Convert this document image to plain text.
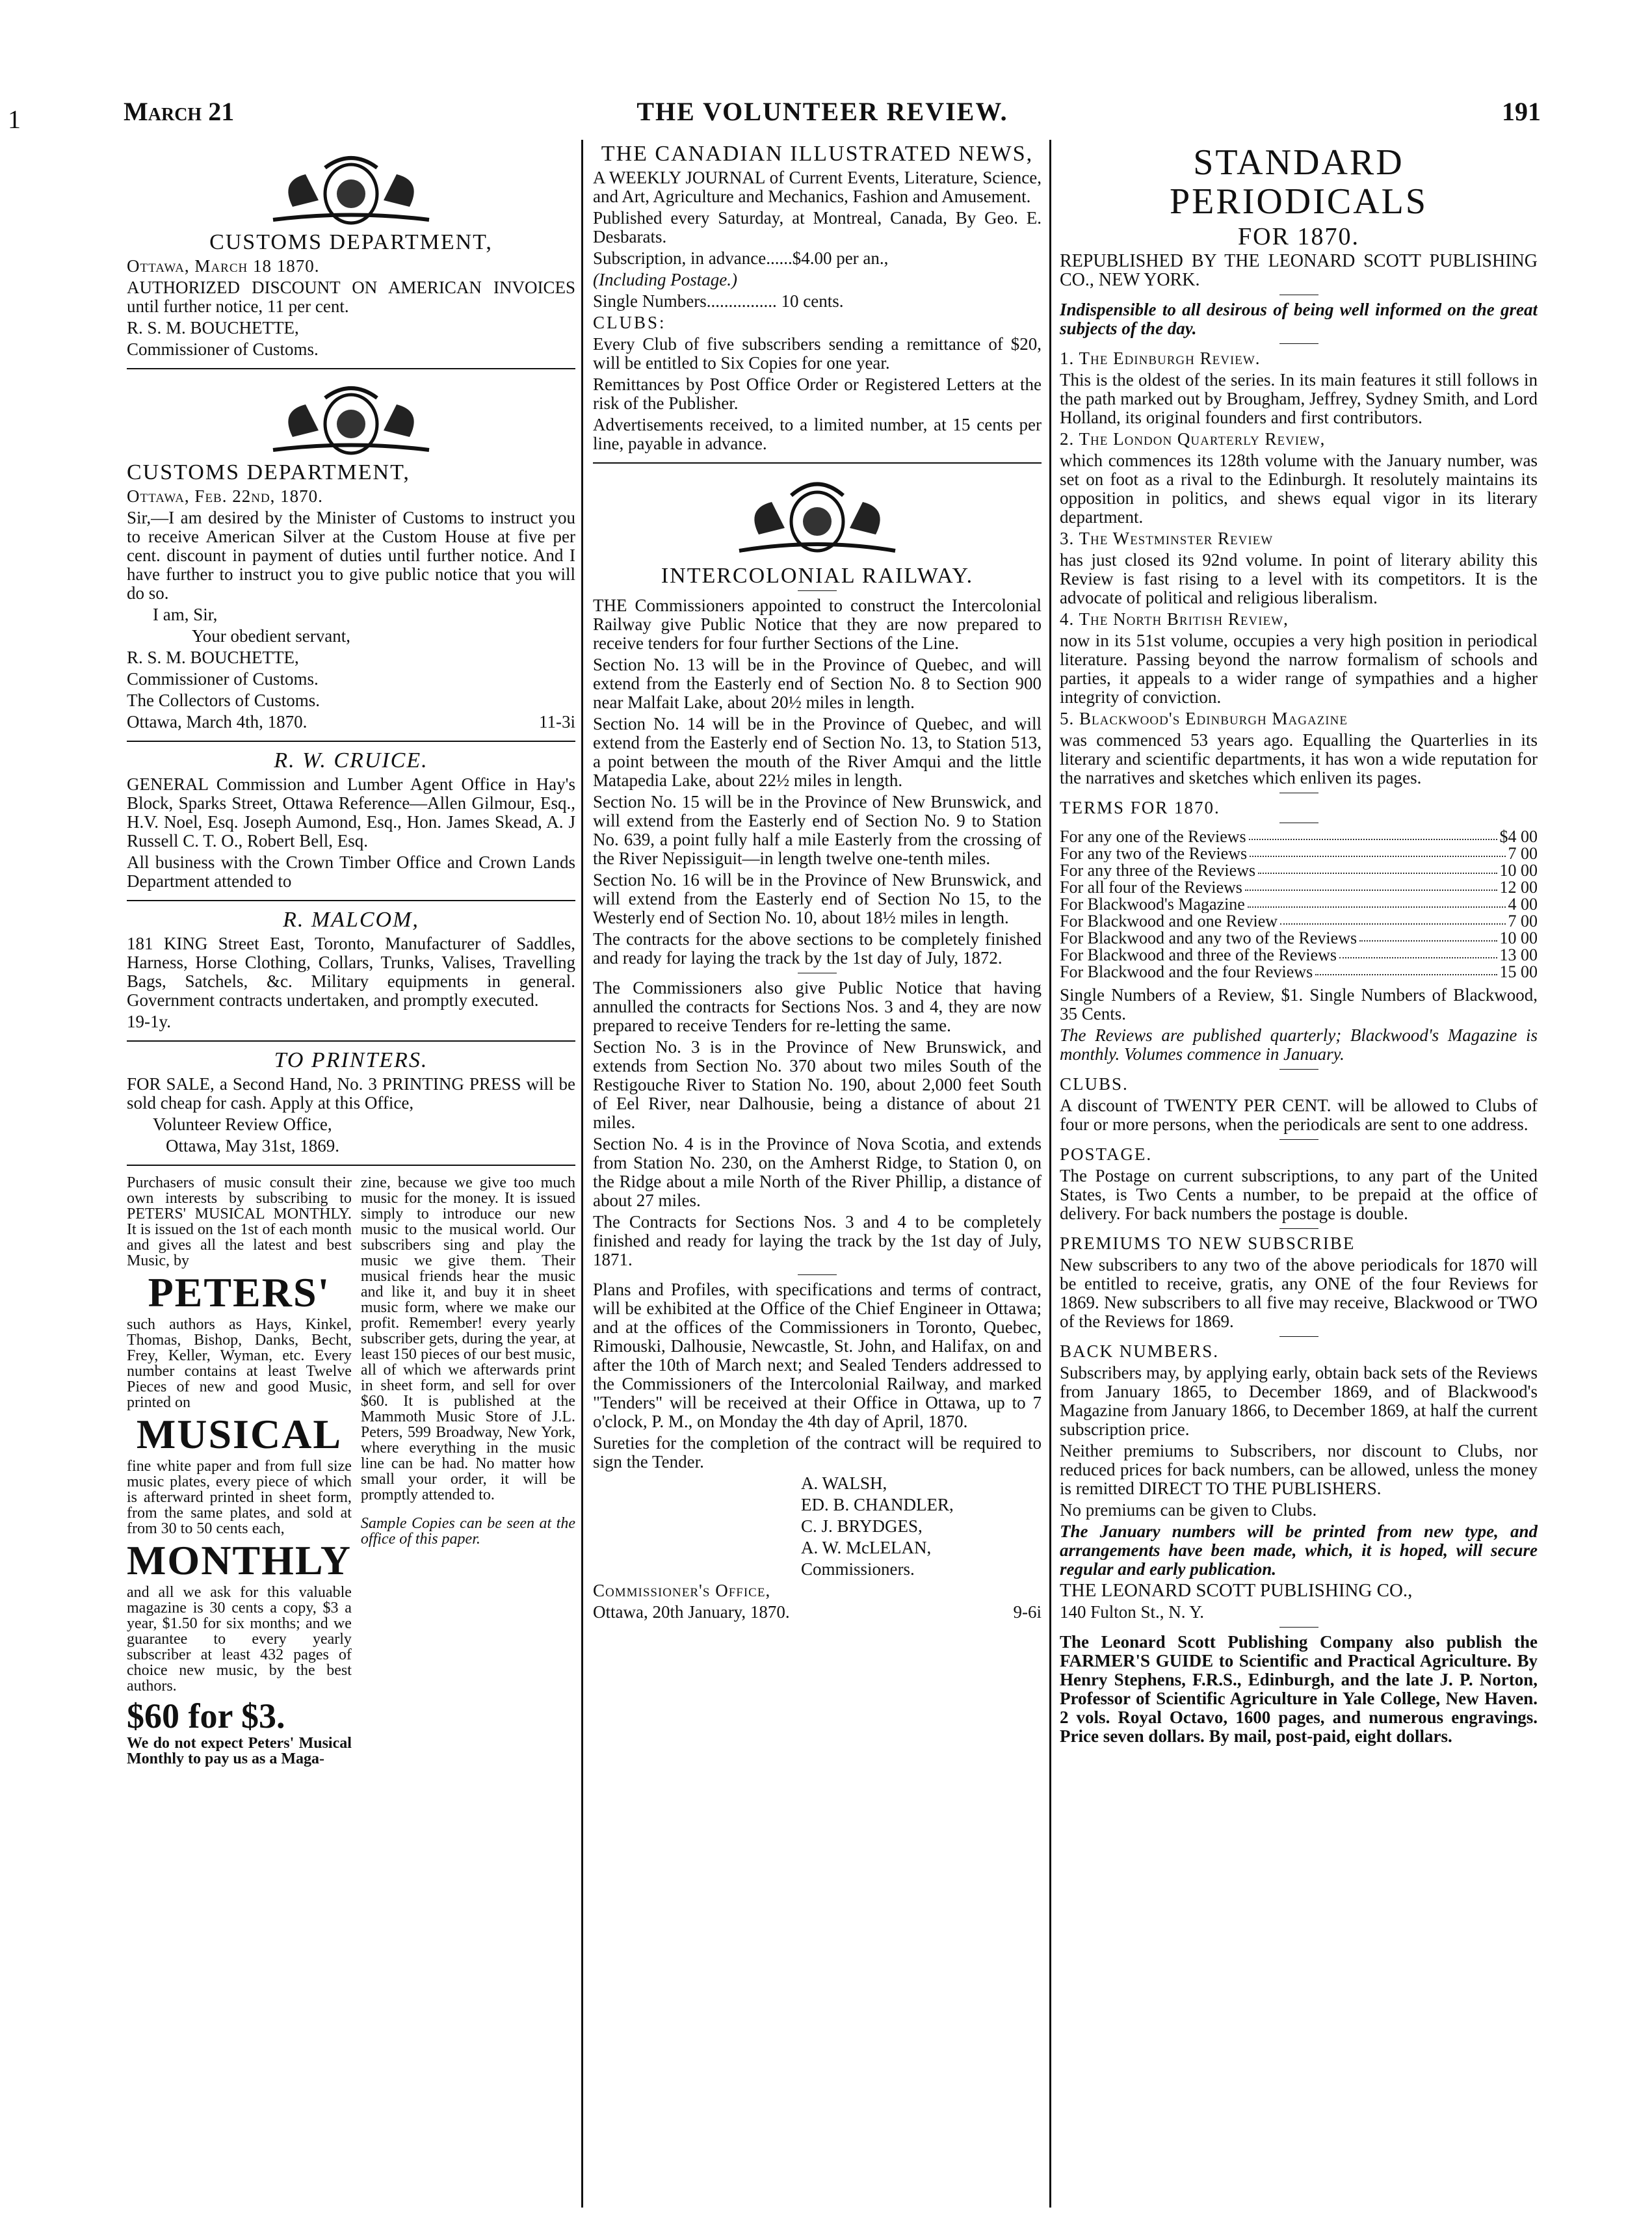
1	March 21	THE VOLUNTEER REVIEW.	191
CUSTOMS DEPARTMENT,

Ottawa, March 18 1870.

AUTHORIZED DISCOUNT ON AMERICAN INVOICES until further notice, 11 per cent.

R. S. M. BOUCHETTE,

Commissioner of Customs.

CUSTOMS DEPARTMENT,

Ottawa, Feb. 22nd, 1870.

Sir,—I am desired by the Minister of Customs to instruct you to receive American Silver at the Custom House at five per cent. discount in payment of duties until further notice. And I have further to instruct you to give public notice that you will do so.

I am, Sir,

Your obedient servant,

R. S. M. BOUCHETTE,

Commissioner of Customs.

The Collectors of Customs.

Ottawa, March 4th, 1870.	11-3i

R. W. CRUICE.

GENERAL Commission and Lumber Agent Office in Hay's Block, Sparks Street, Ottawa Reference—Allen Gilmour, Esq., H.V. Noel, Esq. Joseph Aumond, Esq., Hon. James Skead, A. J Russell C. T. O., Robert Bell, Esq.

All business with the Crown Timber Office and Crown Lands Department attended to

R. MALCOM,

181 KING Street East, Toronto, Manufacturer of Saddles, Harness, Horse Clothing, Collars, Trunks, Valises, Travelling Bags, Satchels, &c. Military equipments in general. Government contracts undertaken, and promptly executed.

19-1y.

TO PRINTERS.

FOR SALE, a Second Hand, No. 3 PRINTING PRESS will be sold cheap for cash. Apply at this Office,

Volunteer Review Office,

Ottawa, May 31st, 1869.

Purchasers of music consult their own interests by subscribing to PETERS' MUSICAL MONTHLY. It is issued on the 1st of each month and gives all the latest and best Music, by

PETERS'

such authors as Hays, Kinkel, Thomas, Bishop, Danks, Becht, Frey, Keller, Wyman, etc. Every number contains at least Twelve Pieces of new and good Music, printed on

MUSICAL

fine white paper and from full size music plates, every piece of which is afterward printed in sheet form, from the same plates, and sold at from 30 to 50 cents each,

MONTHLY

and all we ask for this valuable magazine is 30 cents a copy, $3 a year, $1.50 for six months; and we guarantee to every yearly subscriber at least 432 pages of choice new music, by the best authors.

$60 for $3.

We do not expect Peters' Musical Monthly to pay us as a Maga-

zine, because we give too much music for the money. It is issued simply to introduce our new music to the musical world. Our subscribers sing and play the music we give them. Their musical friends hear the music and like it, and buy it in sheet music form, where we make our profit. Remember! every yearly subscriber gets, during the year, at least 150 pieces of our best music, all of which we afterwards print in sheet form, and sell for over $60. It is published at the Mammoth Music Store of J.L. Peters, 599 Broadway, New York, where everything in the music line can be had. No matter how small your order, it will be promptly attended to.

Sample Copies can be seen at the office of this paper.

THE CANADIAN ILLUSTRATED NEWS,

A WEEKLY JOURNAL of Current Events, Literature, Science, and Art, Agriculture and Mechanics, Fashion and Amusement.

Published every Saturday, at Montreal, Canada, By Geo. E. Desbarats.

Subscription, in advance......$4.00 per an.,

(Including Postage.)

Single Numbers................ 10 cents.

CLUBS:

Every Club of five subscribers sending a remittance of $20, will be entitled to Six Copies for one year.

Remittances by Post Office Order or Registered Letters at the risk of the Publisher.

Advertisements received, to a limited number, at 15 cents per line, payable in advance.

INTERCOLONIAL RAILWAY.

THE Commissioners appointed to construct the Intercolonial Railway give Public Notice that they are now prepared to receive tenders for four further Sections of the Line.

Section No. 13 will be in the Province of Quebec, and will extend from the Easterly end of Section No. 8 to Section 900 near Malfait Lake, about 20½ miles in length.

Section No. 14 will be in the Province of Quebec, and will extend from the Easterly end of Section No. 13, to Station 513, a point between the mouth of the River Amqui and the little Matapedia Lake, about 22½ miles in length.

Section No. 15 will be in the Province of New Brunswick, and will extend from the Easterly end of Section No. 9 to Station No. 639, a point fully half a mile Easterly from the crossing of the River Nepissiguit—in length twelve one-tenth miles.

Section No. 16 will be in the Province of New Brunswick, and will extend from the Easterly end of Section No 15, to the Westerly end of Section No. 10, about 18½ miles in length.

The contracts for the above sections to be completely finished and ready for laying the track by the 1st day of July, 1872.

The Commissioners also give Public Notice that having annulled the contracts for Sections Nos. 3 and 4, they are now prepared to receive Tenders for re-letting the same.

Section No. 3 is in the Province of New Brunswick, and extends from Section No. 370 about two miles South of the Restigouche River to Station No. 190, about 2,000 feet South of Eel River, near Dalhousie, being a distance of about 21 miles.

Section No. 4 is in the Province of Nova Scotia, and extends from Station No. 230, on the Amherst Ridge, to Station 0, on the Ridge about a mile North of the River Phillip, a distance of about 27 miles.

The Contracts for Sections Nos. 3 and 4 to be completely finished and ready for laying the track by the 1st day of July, 1871.

Plans and Profiles, with specifications and terms of contract, will be exhibited at the Office of the Chief Engineer in Ottawa; and at the offices of the Commissioners in Toronto, Quebec, Rimouski, Dalhousie, Newcastle, St. John, and Halifax, on and after the 10th of March next; and Sealed Tenders addressed to the Commissioners of the Intercolonial Railway, and marked "Tenders" will be received at their Office in Ottawa, up to 7 o'clock, P. M., on Monday the 4th day of April, 1870.

Sureties for the completion of the contract will be required to sign the Tender.

A. WALSH,

ED. B. CHANDLER,

C. J. BRYDGES,

A. W. McLELAN,

Commissioners.

Commissioner's Office,

Ottawa, 20th January, 1870.	9-6i

STANDARD PERIODICALS
FOR 1870.

REPUBLISHED BY THE LEONARD SCOTT PUBLISHING CO., NEW YORK.

Indispensible to all desirous of being well informed on the great subjects of the day.

1. The Edinburgh Review.

This is the oldest of the series. In its main features it still follows in the path marked out by Brougham, Jeffrey, Sydney Smith, and Lord Holland, its original founders and first contributors.

2. The London Quarterly Review,

which commences its 128th volume with the January number, was set on foot as a rival to the Edinburgh. It resolutely maintains its opposition in politics, and shews equal vigor in its literary department.

3. The Westminster Review

has just closed its 92nd volume. In point of literary ability this Review is fast rising to a level with its competitors. It is the advocate of political and religious liberalism.

4. The North British Review,

now in its 51st volume, occupies a very high position in periodical literature. Passing beyond the narrow formalism of schools and parties, it appeals to a wider range of sympathies and a higher integrity of conviction.

5. Blackwood's Edinburgh Magazine

was commenced 53 years ago. Equalling the Quarterlies in its literary and scientific departments, it has won a wide reputation for the narratives and sketches which enliven its pages.

TERMS FOR 1870.

For any one of the Reviews	$4 00
For any two of the Reviews	7 00
For any three of the Reviews	10 00
For all four of the Reviews	12 00
For Blackwood's Magazine	4 00
For Blackwood and one Review	7 00
For Blackwood and any two of the Reviews	10 00
For Blackwood and three of the Reviews	13 00
For Blackwood and the four Reviews	15 00

Single Numbers of a Review, $1. Single Numbers of Blackwood, 35 Cents.

The Reviews are published quarterly; Blackwood's Magazine is monthly. Volumes commence in January.

CLUBS.

A discount of TWENTY PER CENT. will be allowed to Clubs of four or more persons, when the periodicals are sent to one address.

POSTAGE.

The Postage on current subscriptions, to any part of the United States, is Two Cents a number, to be prepaid at the office of delivery. For back numbers the postage is double.

PREMIUMS TO NEW SUBSCRIBE

New subscribers to any two of the above periodicals for 1870 will be entitled to receive, gratis, any ONE of the four Reviews for 1869. New subscribers to all five may receive, Blackwood or TWO of the Reviews for 1869.

BACK NUMBERS.

Subscribers may, by applying early, obtain back sets of the Reviews from January 1865, to December 1869, and of Blackwood's Magazine from January 1866, to December 1869, at half the current subscription price.

Neither premiums to Subscribers, nor discount to Clubs, nor reduced prices for back numbers, can be allowed, unless the money is remitted DIRECT TO THE PUBLISHERS.

No premiums can be given to Clubs.

The January numbers will be printed from new type, and arrangements have been made, which, it is hoped, will secure regular and early publication.

THE LEONARD SCOTT PUBLISHING CO.,

140 Fulton St., N. Y.

The Leonard Scott Publishing Company also publish the FARMER'S GUIDE to Scientific and Practical Agriculture. By Henry Stephens, F.R.S., Edinburgh, and the late J. P. Norton, Professor of Scientific Agriculture in Yale College, New Haven. 2 vols. Royal Octavo, 1600 pages, and numerous engravings. Price seven dollars. By mail, post-paid, eight dollars.
